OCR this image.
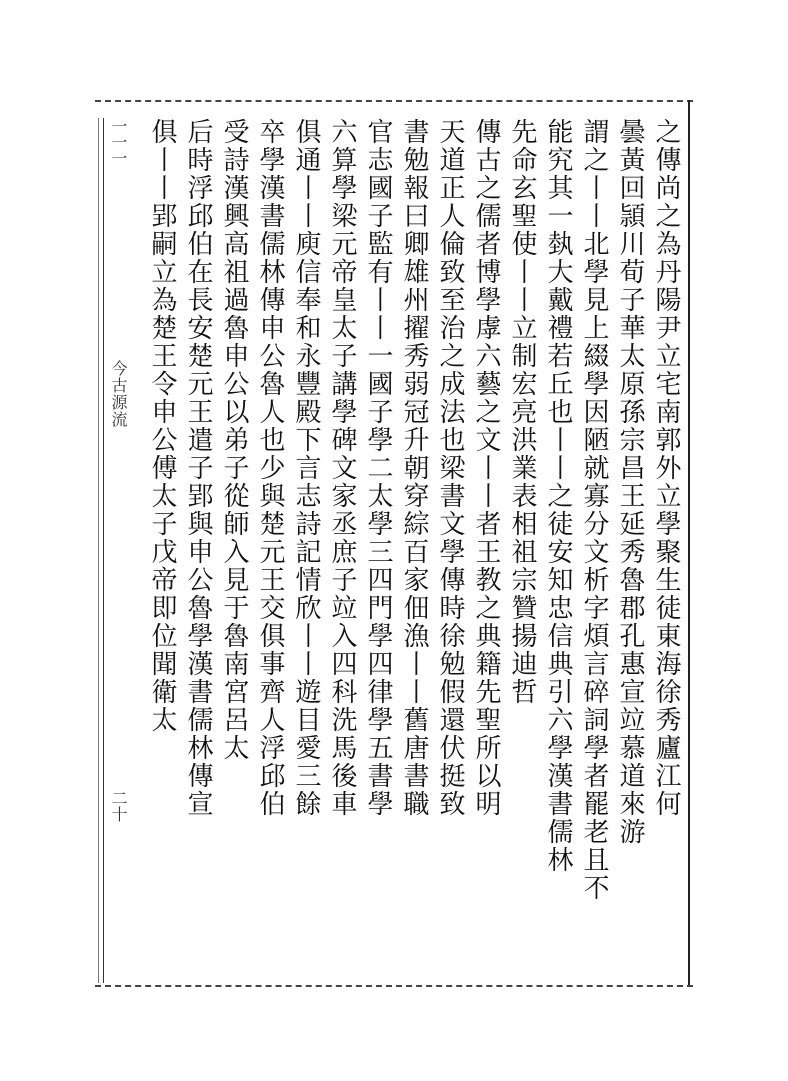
一一一
今古源流
二十	之傳尚之為丹陽尹立宅南郭外立學聚生徒東海徐秀廬江何
曇黃回頴川荀子華太原孫宗昌王延秀魯郡孔惠宣竝慕道來游
謂之丨丨北學見上綴學因陋就寡分文析字煩言碎詞學者罷老且不
能究其一埶大戴禮若丘也丨丨之徒安知忠信典引六學漢書儒林
先命玄聖使丨丨立制宏亮洪業表相祖宗贊揚迪哲
傳古之儒者博學虖六藝之文丨丨者王教之典籍先聖所以明
天道正人倫致至治之成法也梁書文學傳時徐勉假還伏挺致
書勉報曰卿雄州擢秀弱冠升朝穿綜百家佃漁丨丨舊唐書職
官志國子監有丨丨一國子學二太學三四門學四律學五書學
六算學梁元帝皇太子講學碑文家丞庶子竝入四科洗馬後車
俱通丨丨庾信奉和永豐殿下言志詩記情欣丨丨遊目愛三餘
卒學漢書儒林傳申公魯人也少與楚元王交俱事齊人浮邱伯
受詩漢興高祖過魯申公以弟子從師入見于魯南宮呂太
后時浮邱伯在長安楚元王遣子郢與申公魯學漢書儒林傳宣
俱丨丨郢嗣立為楚王令申公傅太子戊帝即位聞衛太
